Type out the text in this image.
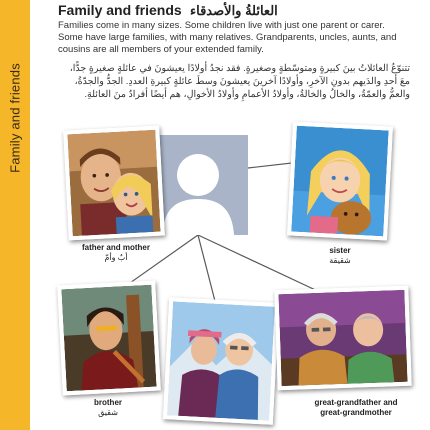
Family and friends
Family and friends العائلةُ والأصدقاء
Families come in many sizes. Some children live with just one parent or carer. Some have large families, with many relatives. Grandparents, uncles, aunts, and cousins are all members of your extended family.
تتنوّعُ العائلاتُ بينَ كبيرةٍ ومتوسّطةٍ وصغيرةٍ. فقد نجدُ أولادًا يعيشونَ في عائلةٍ صغيرةٍ جدًّا، معَ أحدِ والدَيهم بدونِ الآخرِ، وأولادًا آخرينَ يعيشونَ وسطَ عائلةٍ كبيرةِ العددِ. الجدُّ والجدّةُ، والعمُّ والعمّةُ، والخالُ والخالةُ، وأولادُ الأعمامِ وأولادُ الأخوالِ، هم أيضًا أفرادٌ منَ العائلةِ.
father and mother
أبٌ وأمّ
sister
شقيقة
brother
شقيق
great-grandfather and great-grandmother
